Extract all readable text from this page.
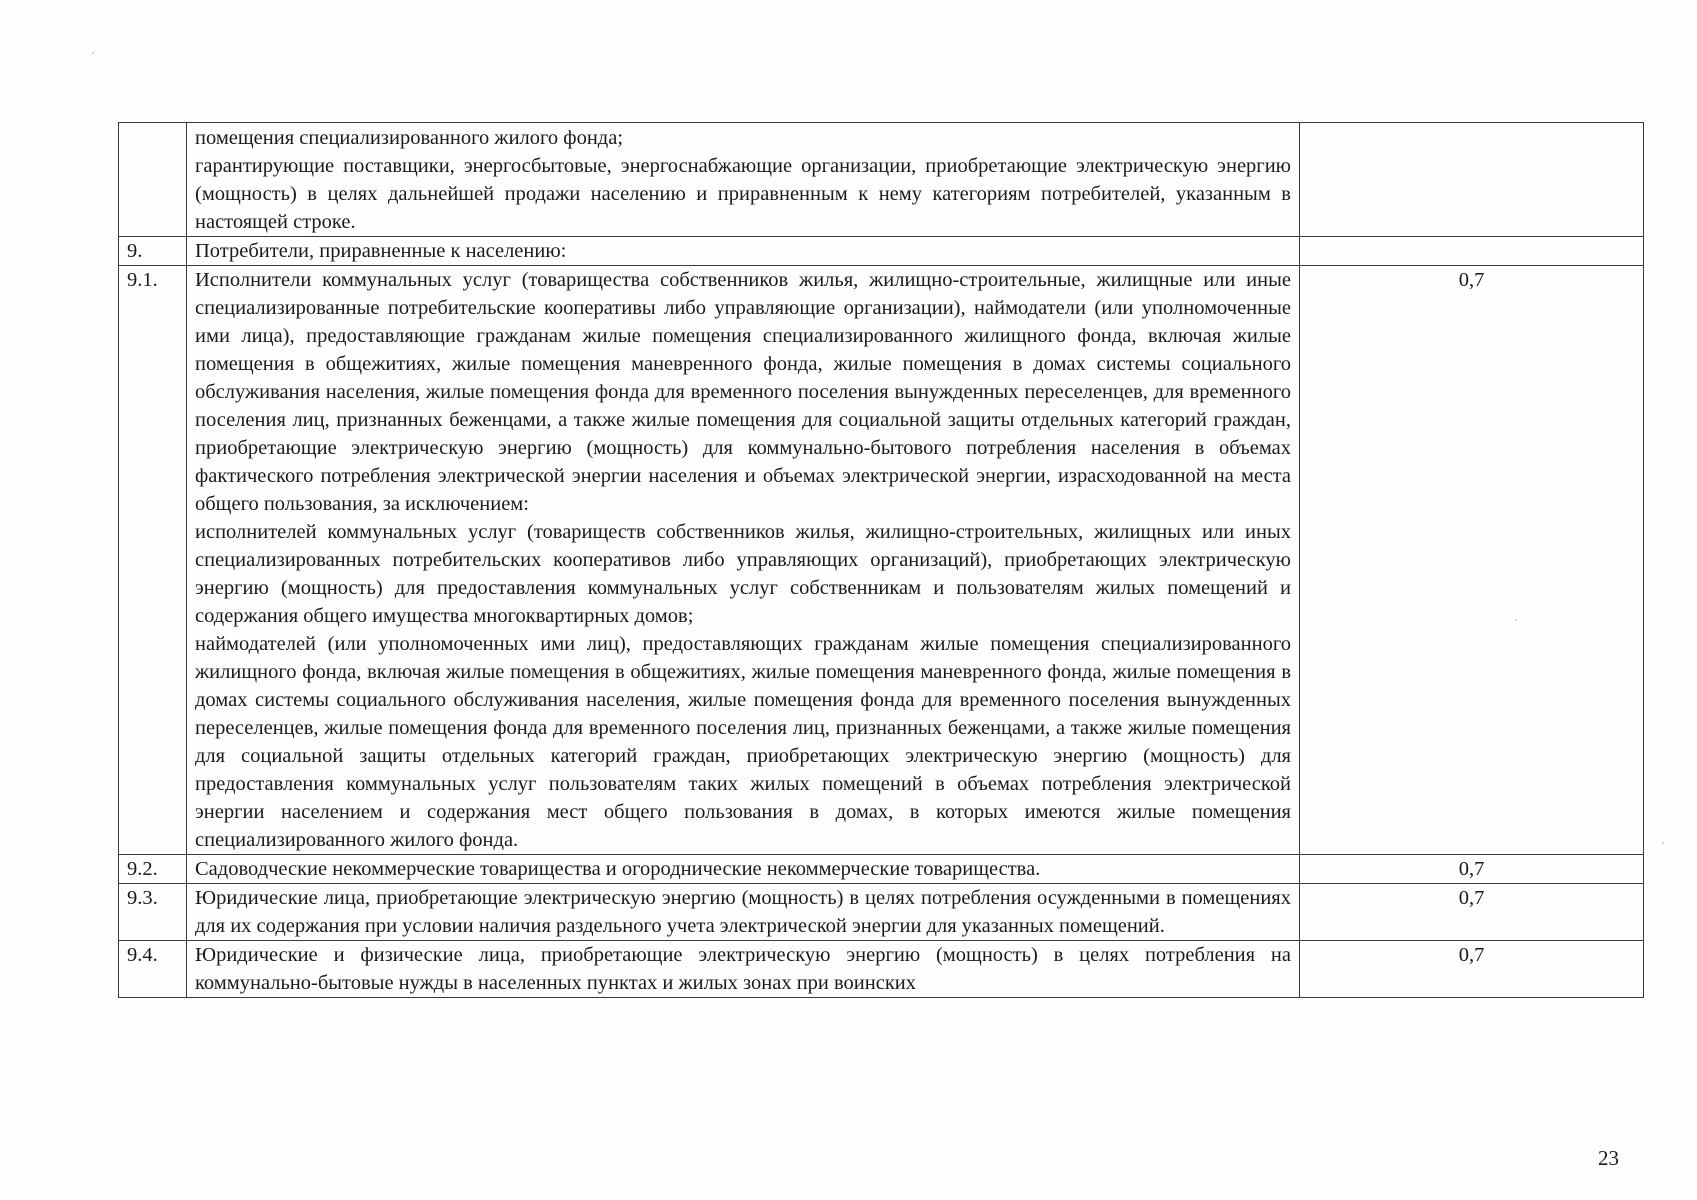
	помещения специализированного жилого фонда;

гарантирующие поставщики, энергосбытовые, энергоснабжающие организации, приобретающие электрическую энергию (мощность) в целях дальнейшей продажи населению и приравненным к нему категориям потребителей, указанным в настоящей строке.	

9.	Потребители, приравненные к населению:	

9.1.	Исполнители коммунальных услуг (товарищества собственников жилья, жилищно-строительные, жилищные или иные специализированные потребительские кооперативы либо управляющие организации), наймодатели (или уполномоченные ими лица), предоставляющие гражданам жилые помещения специализированного жилищного фонда, включая жилые помещения в общежитиях, жилые помещения маневренного фонда, жилые помещения в домах системы социального обслуживания населения, жилые помещения фонда для временного поселения вынужденных переселенцев, для временного поселения лиц, признанных беженцами, а также жилые помещения для социальной защиты отдельных категорий граждан, приобретающие электрическую энергию (мощность) для коммунально-бытового потребления населения в объемах фактического потребления электрической энергии населения и объемах электрической энергии, израсходованной на места общего пользования, за исключением:

исполнителей коммунальных услуг (товариществ собственников жилья, жилищно-строительных, жилищных или иных специализированных потребительских кооперативов либо управляющих организаций), приобретающих электрическую энергию (мощность) для предоставления коммунальных услуг собственникам и пользователям жилых помещений и содержания общего имущества многоквартирных домов;

наймодателей (или уполномоченных ими лиц), предоставляющих гражданам жилые помещения специализированного жилищного фонда, включая жилые помещения в общежитиях, жилые помещения маневренного фонда, жилые помещения в домах системы социального обслуживания населения, жилые помещения фонда для временного поселения вынужденных переселенцев, жилые помещения фонда для временного поселения лиц, признанных беженцами, а также жилые помещения для социальной защиты отдельных категорий граждан, приобретающих электрическую энергию (мощность) для предоставления коммунальных услуг пользователям таких жилых помещений в объемах потребления электрической энергии населением и содержания мест общего пользования в домах, в которых имеются жилые помещения специализированного жилого фонда.	0,7
9.2.	Садоводческие некоммерческие товарищества и огороднические некоммерческие товарищества.	0,7
9.3.	Юридические лица, приобретающие электрическую энергию (мощность) в целях потребления осужденными в помещениях для их содержания при условии наличия раздельного учета электрической энергии для указанных помещений.	0,7
9.4.	Юридические и физические лица, приобретающие электрическую энергию (мощность) в целях потребления на коммунально-бытовые нужды в населенных пунктах и жилых зонах при воинских	0,7
23
